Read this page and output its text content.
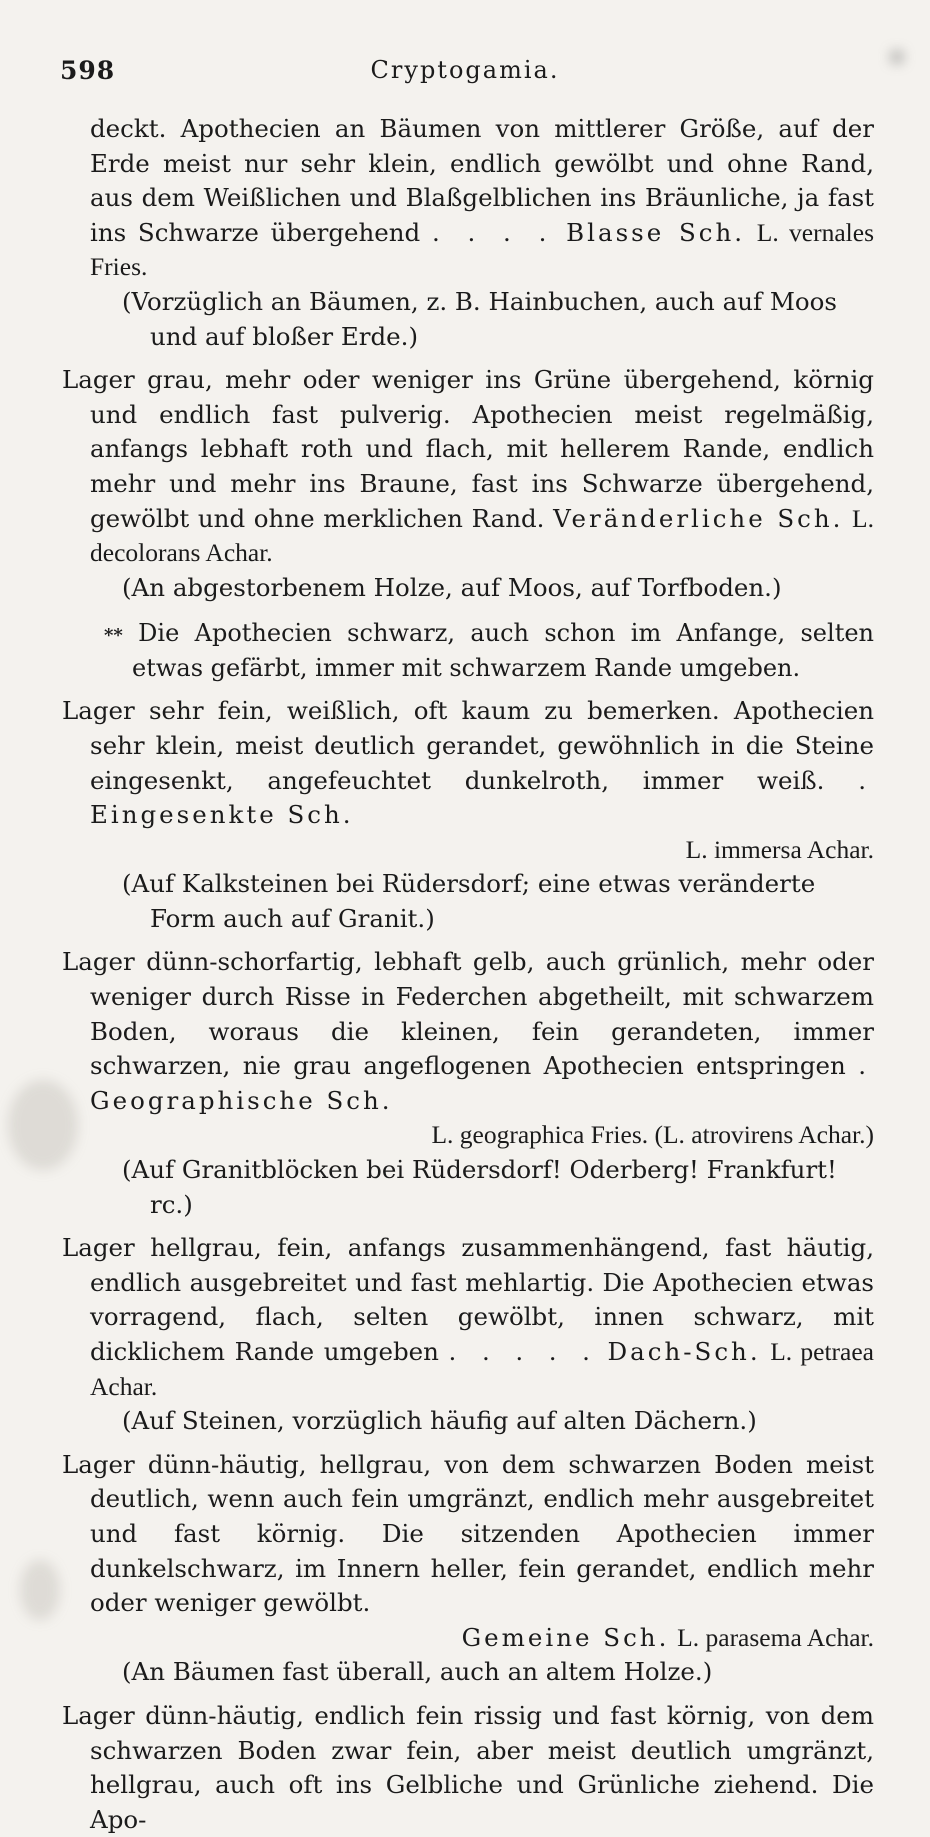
598	Cryptogamia.

deckt. Apothecien an Bäumen von mittlerer Größe, auf der Erde meist nur sehr klein, endlich gewölbt und ohne Rand, aus dem Weißlichen und Blaßgelblichen ins Bräunliche, ja fast ins Schwarze übergehend . . . . Blasse Sch. L. vernales Fries.

(Vorzüglich an Bäumen, z. B. Hainbuchen, auch auf Moos und auf bloßer Erde.)

Lager grau, mehr oder weniger ins Grüne übergehend, körnig und endlich fast pulverig. Apothecien meist regelmäßig, anfangs lebhaft roth und flach, mit hellerem Rande, endlich mehr und mehr ins Braune, fast ins Schwarze übergehend, gewölbt und ohne merklichen Rand. Veränderliche Sch. L. decolorans Achar.

(An abgestorbenem Holze, auf Moos, auf Torfboden.)

** Die Apothecien schwarz, auch schon im Anfange, selten etwas gefärbt, immer mit schwarzem Rande umgeben.

Lager sehr fein, weißlich, oft kaum zu bemerken. Apothecien sehr klein, meist deutlich gerandet, gewöhnlich in die Steine eingesenkt, angefeuchtet dunkelroth, immer weiß. . Eingesenkte Sch.

L. immersa Achar.

(Auf Kalksteinen bei Rüdersdorf; eine etwas veränderte Form auch auf Granit.)

Lager dünn-schorfartig, lebhaft gelb, auch grünlich, mehr oder weniger durch Risse in Federchen abgetheilt, mit schwarzem Boden, woraus die kleinen, fein gerandeten, immer schwarzen, nie grau angeflogenen Apothecien entspringen . Geographische Sch.

L. geographica Fries. (L. atrovirens Achar.)

(Auf Granitblöcken bei Rüdersdorf! Oderberg! Frankfurt! rc.)

Lager hellgrau, fein, anfangs zusammenhängend, fast häutig, endlich ausgebreitet und fast mehlartig. Die Apothecien etwas vorragend, flach, selten gewölbt, innen schwarz, mit dicklichem Rande umgeben . . . . . Dach-Sch. L. petraea Achar.

(Auf Steinen, vorzüglich häufig auf alten Dächern.)

Lager dünn-häutig, hellgrau, von dem schwarzen Boden meist deutlich, wenn auch fein umgränzt, endlich mehr ausgebreitet und fast körnig. Die sitzenden Apothecien immer dunkelschwarz, im Innern heller, fein gerandet, endlich mehr oder weniger gewölbt.

Gemeine Sch. L. parasema Achar.

(An Bäumen fast überall, auch an altem Holze.)

Lager dünn-häutig, endlich fein rissig und fast körnig, von dem schwarzen Boden zwar fein, aber meist deutlich umgränzt, hellgrau, auch oft ins Gelbliche und Grünliche ziehend. Die Apo-
